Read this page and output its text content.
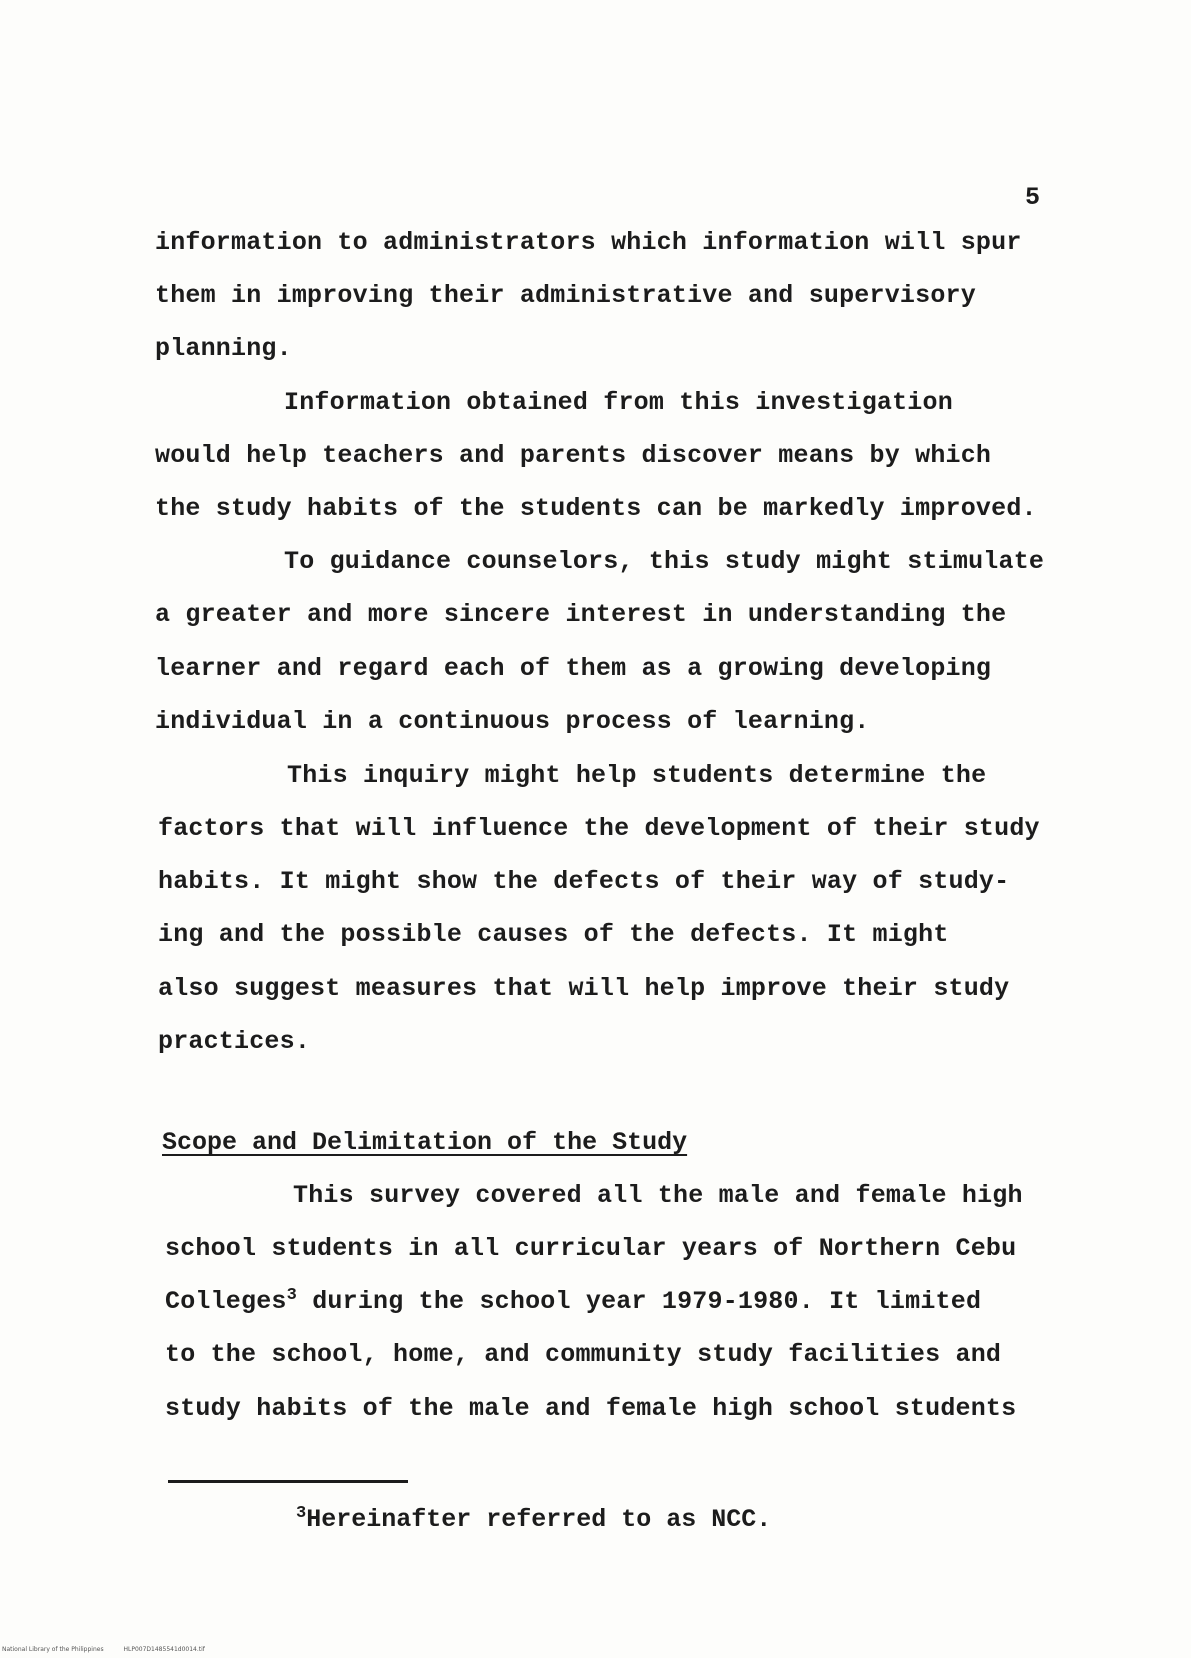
5
information to administrators which information will spur
them in improving their administrative and supervisory
planning.
Information obtained from this investigation
would help teachers and parents discover means by which
the study habits of the students can be markedly improved.
To guidance counselors, this study might stimulate
a greater and more sincere interest in understanding the
learner and regard each of them as a growing developing
individual in a continuous process of learning.
This inquiry might help students determine the
factors that will influence the development of their study
habits. It might show the defects of their way of study-
ing and the possible causes of the defects. It might
also suggest measures that will help improve their study
practices.
Scope and Delimitation of the Study
This survey covered all the male and female high
school students in all curricular years of Northern Cebu
Colleges$^3$ during the school year 1979-1980. It limited
to the school, home, and community study facilities and
study habits of the male and female high school students
$^3$Hereinafter referred to as NCC.
National Library of the Philippines	HLP007D1485541d0014.tif
